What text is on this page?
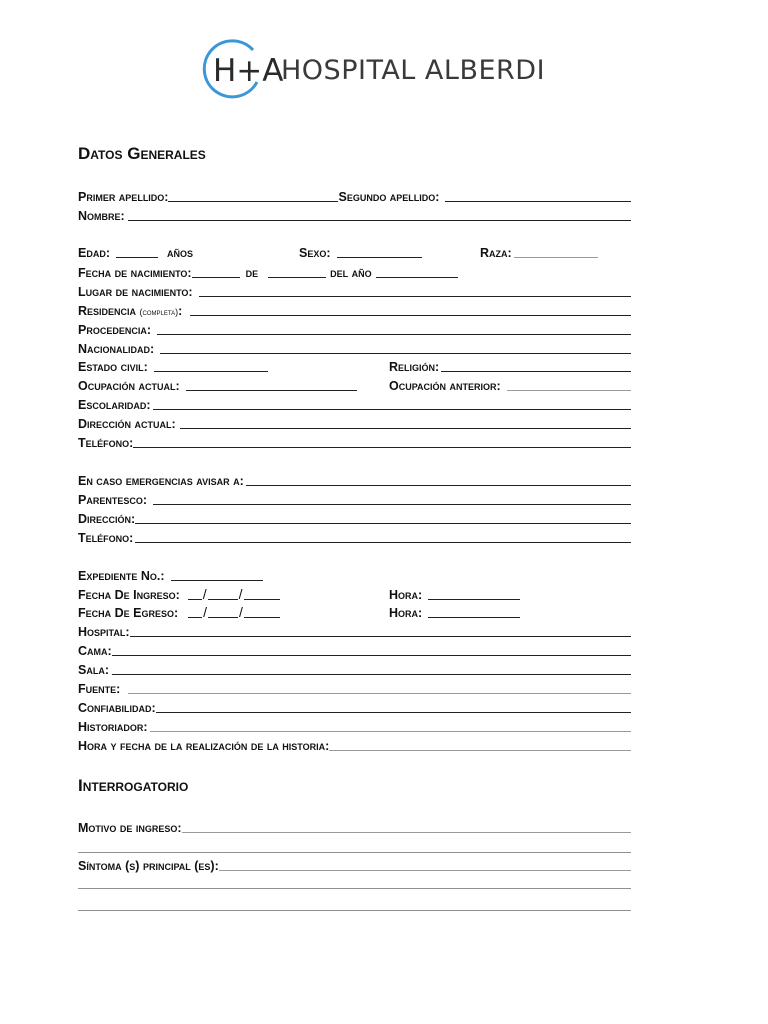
H+A
HOSPITAL ALBERDI
Datos Generales
Primer apellido:	Segundo apellido:
Nombre:
Edad:	años	Sexo:	Raza:
Fecha de nacimiento:	de	del año
Lugar de nacimiento:
Residencia (completa):
Procedencia:
Nacionalidad:
Estado civil:	Religión:
Ocupación actual:	Ocupación anterior:
Escolaridad:
Dirección actual:
Teléfono:
En caso emergencias avisar a:
Parentesco:
Dirección:
Teléfono:
Expediente No.:
Fecha De Ingreso: / /	Hora:
Fecha De Egreso: / /	Hora:
Hospital:
Cama:
Sala:
Fuente:
Confiabilidad:
Historiador:
Hora y fecha de la realización de la historia:
Interrogatorio
Motivo de ingreso:
Síntoma (s) principal (es):
